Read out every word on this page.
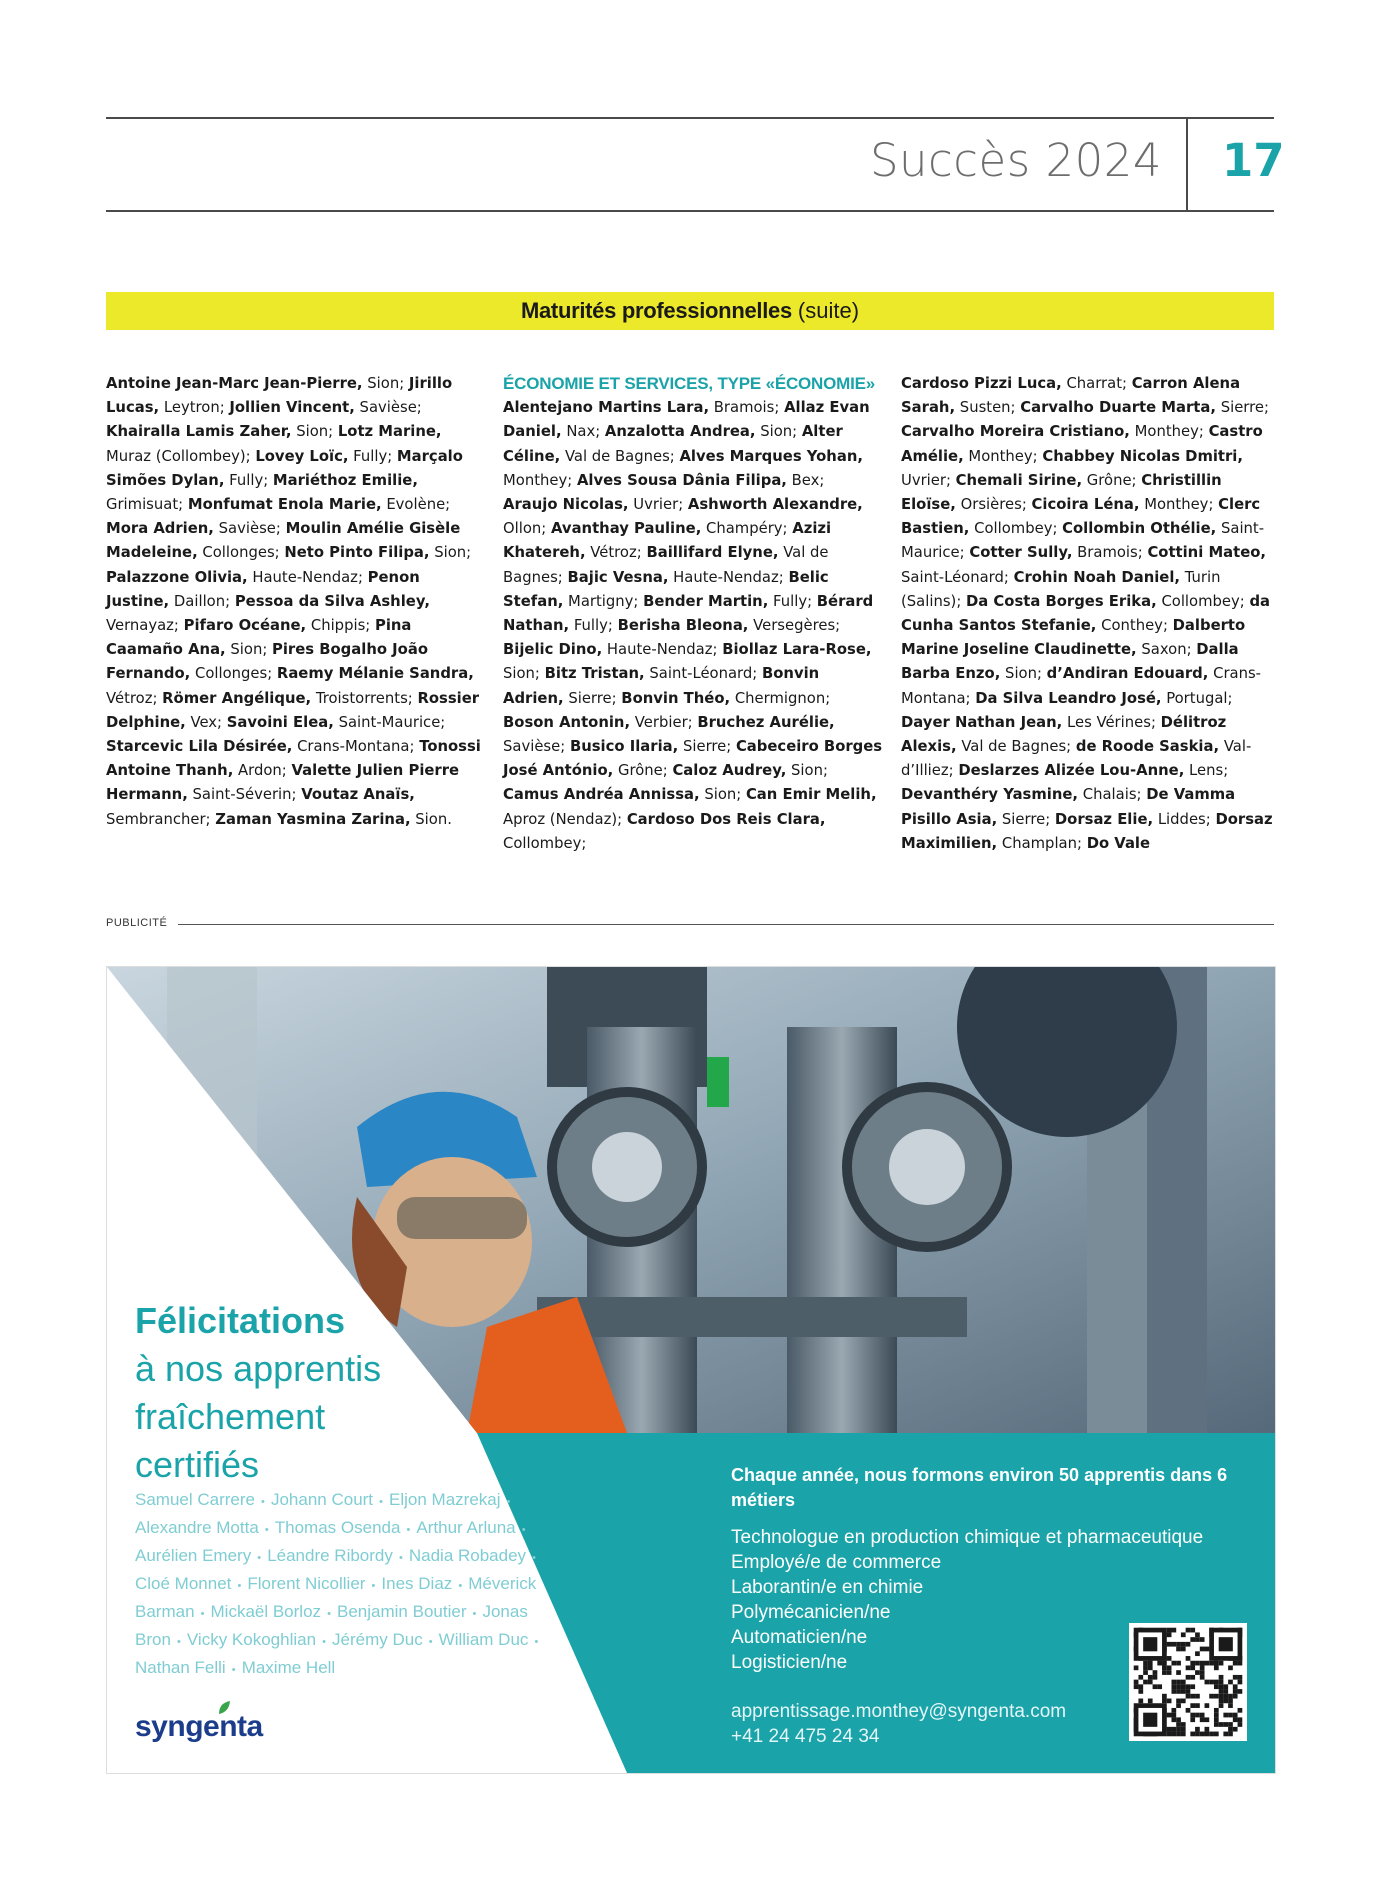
Succès 2024 17
Maturités professionnelles (suite)

Antoine Jean-Marc Jean-Pierre, Sion; Jirillo Lucas, Leytron; Jollien Vincent, Savièse; Khairalla Lamis Zaher, Sion; Lotz Marine, Muraz (Collombey); Lovey Loïc, Fully; Marçalo Simões Dylan, Fully; Mariéthoz Emilie, Grimisuat; Monfumat Enola Marie, Evolène; Mora Adrien, Savièse; Moulin Amélie Gisèle Madeleine, Collonges; Neto Pinto Filipa, Sion; Palazzone Olivia, Haute-Nendaz; Penon Justine, Daillon; Pessoa da Silva Ashley, Vernayaz; Pifaro Océane, Chippis; Pina Caamaño Ana, Sion; Pires Bogalho João Fernando, Collonges; Raemy Mélanie Sandra, Vétroz; Römer Angélique, Troistorrents; Rossier Delphine, Vex; Savoini Elea, Saint-Maurice; Starcevic Lila Désirée, Crans-Montana; Tonossi Antoine Thanh, Ardon; Valette Julien Pierre Hermann, Saint-Séverin; Voutaz Anaïs, Sembrancher; Zaman Yasmina Zarina, Sion.

ÉCONOMIE ET SERVICES, TYPE «ÉCONOMIE»

Alentejano Martins Lara, Bramois; Allaz Evan Daniel, Nax; Anzalotta Andrea, Sion; Alter Céline, Val de Bagnes; Alves Marques Yohan, Monthey; Alves Sousa Dânia Filipa, Bex; Araujo Nicolas, Uvrier; Ashworth Alexandre, Ollon; Avanthay Pauline, Champéry; Azizi Khatereh, Vétroz; Baillifard Elyne, Val de Bagnes; Bajic Vesna, Haute-Nendaz; Belic Stefan, Martigny; Bender Martin, Fully; Bérard Nathan, Fully; Berisha Bleona, Versegères; Bijelic Dino, Haute-Nendaz; Biollaz Lara-Rose, Sion; Bitz Tristan, Saint-Léonard; Bonvin Adrien, Sierre; Bonvin Théo, Chermignon; Boson Antonin, Verbier; Bruchez Aurélie, Savièse; Busico Ilaria, Sierre; Cabeceiro Borges José António, Grône; Caloz Audrey, Sion; Camus Andréa Annissa, Sion; Can Emir Melih, Aproz (Nendaz); Cardoso Dos Reis Clara, Collombey;

Cardoso Pizzi Luca, Charrat; Carron Alena Sarah, Susten; Carvalho Duarte Marta, Sierre; Carvalho Moreira Cristiano, Monthey; Castro Amélie, Monthey; Chabbey Nicolas Dmitri, Uvrier; Chemali Sirine, Grône; Christillin Eloïse, Orsières; Cicoira Léna, Monthey; Clerc Bastien, Collombey; Collombin Othélie, Saint-Maurice; Cotter Sully, Bramois; Cottini Mateo, Saint-Léonard; Crohin Noah Daniel, Turin (Salins); Da Costa Borges Erika, Collombey; da Cunha Santos Stefanie, Conthey; Dalberto Marine Joseline Claudinette, Saxon; Dalla Barba Enzo, Sion; d’Andiran Edouard, Crans-Montana; Da Silva Leandro José, Portugal; Dayer Nathan Jean, Les Vérines; Délitroz Alexis, Val de Bagnes; de Roode Saskia, Val-d’Illiez; Deslarzes Alizée Lou-Anne, Lens; Devanthéry Yasmine, Chalais; De Vamma Pisillo Asia, Sierre; Dorsaz Elie, Liddes; Dorsaz Maximilien, Champlan; Do Vale

PUBLICITÉ
Félicitations
à nos apprentis
fraîchement
certifiés
Samuel Carrere • Johann Court • Eljon Mazrekaj • Alexandre Motta • Thomas Osenda • Arthur Arluna • Aurélien Emery • Léandre Ribordy • Nadia Robadey • Cloé Monnet • Florent Nicollier • Ines Diaz • Méverick Barman • Mickaël Borloz • Benjamin Boutier • Jonas Bron • Vicky Kokoghlian • Jérémy Duc • William Duc • Nathan Felli • Maxime Hell
syngenta

Chaque année, nous formons environ 50 apprentis dans 6 métiers

Technologue en production chimique et pharmaceutique

Employé/e de commerce

Laborantin/e en chimie

Polymécanicien/ne

Automaticien/ne

Logisticien/ne

apprentissage.monthey@syngenta.com
+41 24 475 24 34
